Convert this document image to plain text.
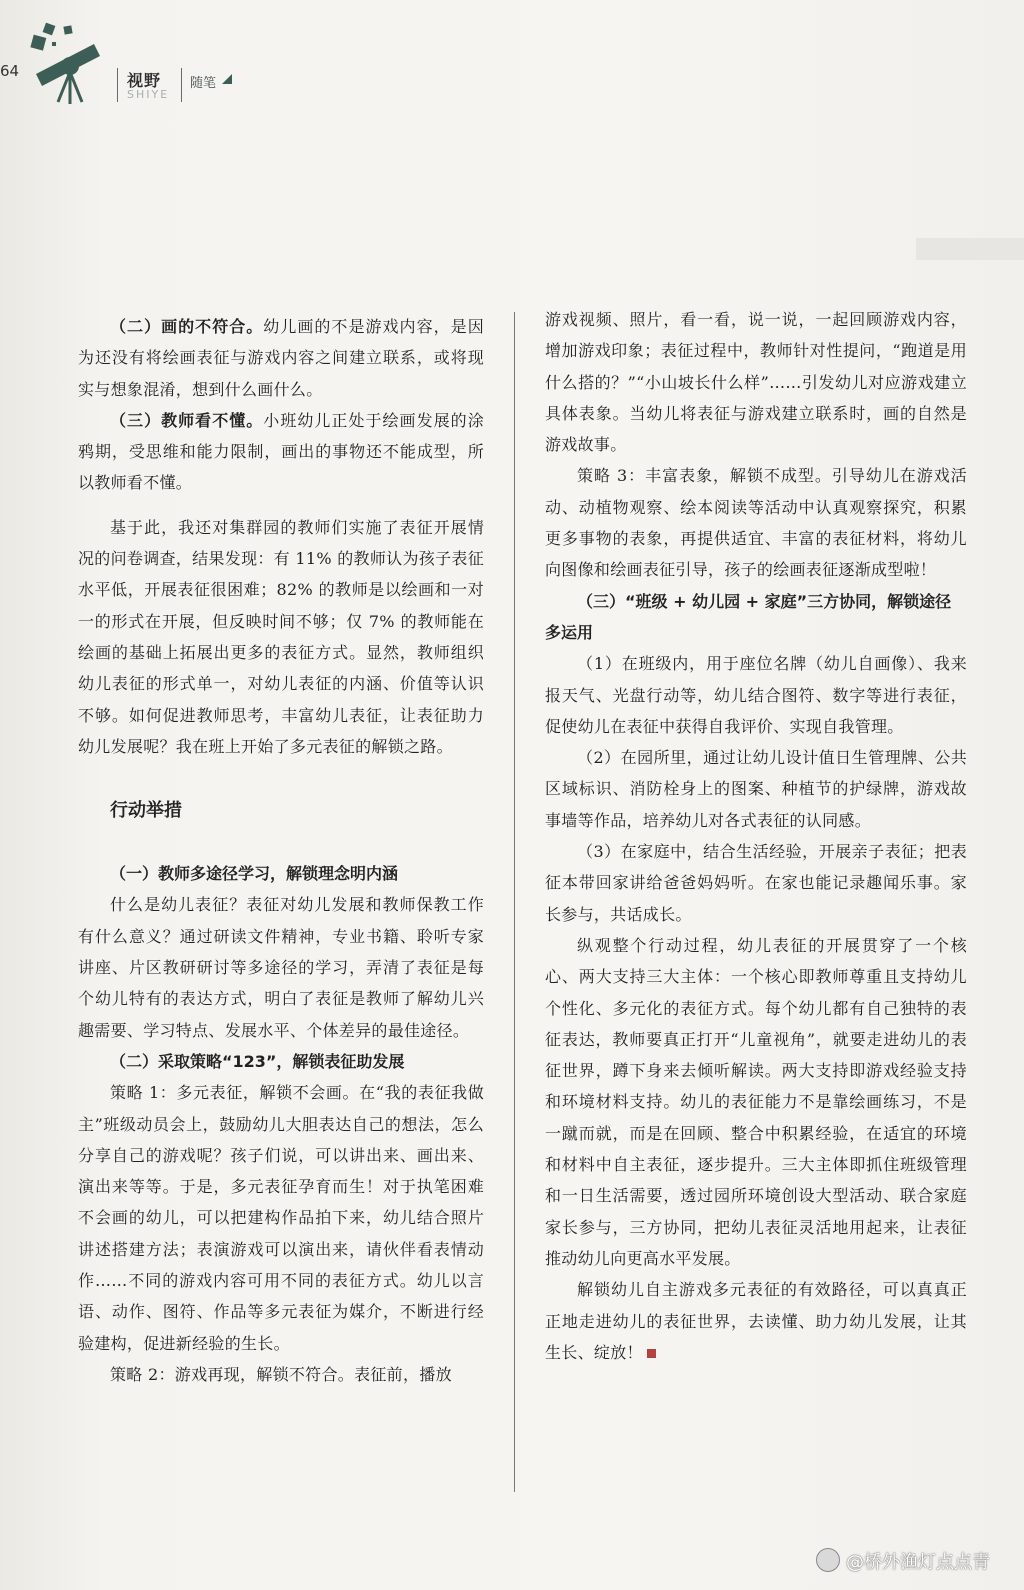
64	视野
SHIYE
随笔

（二）画的不符合。幼儿画的不是游戏内容，是因为还没有将绘画表征与游戏内容之间建立联系，或将现实与想象混淆，想到什么画什么。

（三）教师看不懂。小班幼儿正处于绘画发展的涂鸦期，受思维和能力限制，画出的事物还不能成型，所以教师看不懂。

基于此，我还对集群园的教师们实施了表征开展情况的问卷调查，结果发现：有 11% 的教师认为孩子表征水平低，开展表征很困难；82% 的教师是以绘画和一对一的形式在开展，但反映时间不够；仅 7% 的教师能在绘画的基础上拓展出更多的表征方式。显然，教师组织幼儿表征的形式单一，对幼儿表征的内涵、价值等认识不够。如何促进教师思考，丰富幼儿表征，让表征助力幼儿发展呢？我在班上开始了多元表征的解锁之路。

行动举措
（一）教师多途径学习，解锁理念明内涵

什么是幼儿表征？表征对幼儿发展和教师保教工作有什么意义？通过研读文件精神，专业书籍、聆听专家讲座、片区教研研讨等多途径的学习，弄清了表征是每个幼儿特有的表达方式，明白了表征是教师了解幼儿兴趣需要、学习特点、发展水平、个体差异的最佳途径。

（二）采取策略“123”，解锁表征助发展

策略 1：多元表征，解锁不会画。在“我的表征我做主”班级动员会上，鼓励幼儿大胆表达自己的想法，怎么分享自己的游戏呢？孩子们说，可以讲出来、画出来、演出来等等。于是，多元表征孕育而生！对于执笔困难不会画的幼儿，可以把建构作品拍下来，幼儿结合照片讲述搭建方法；表演游戏可以演出来，请伙伴看表情动作……不同的游戏内容可用不同的表征方式。幼儿以言语、动作、图符、作品等多元表征为媒介，不断进行经验建构，促进新经验的生长。

策略 2：游戏再现，解锁不符合。表征前，播放

游戏视频、照片，看一看，说一说，一起回顾游戏内容，增加游戏印象；表征过程中，教师针对性提问，“跑道是用什么搭的？”“小山坡长什么样”……引发幼儿对应游戏建立具体表象。当幼儿将表征与游戏建立联系时，画的自然是游戏故事。

策略 3：丰富表象，解锁不成型。引导幼儿在游戏活动、动植物观察、绘本阅读等活动中认真观察探究，积累更多事物的表象，再提供适宜、丰富的表征材料，将幼儿向图像和绘画表征引导，孩子的绘画表征逐渐成型啦！

（三）“班级 + 幼儿园 + 家庭”三方协同，解锁途径多运用

（1）在班级内，用于座位名牌（幼儿自画像）、我来报天气、光盘行动等，幼儿结合图符、数字等进行表征，促使幼儿在表征中获得自我评价、实现自我管理。

（2）在园所里，通过让幼儿设计值日生管理牌、公共区域标识、消防栓身上的图案、种植节的护绿牌，游戏故事墙等作品，培养幼儿对各式表征的认同感。

（3）在家庭中，结合生活经验，开展亲子表征；把表征本带回家讲给爸爸妈妈听。在家也能记录趣闻乐事。家长参与，共话成长。

纵观整个行动过程，幼儿表征的开展贯穿了一个核心、两大支持三大主体：一个核心即教师尊重且支持幼儿个性化、多元化的表征方式。每个幼儿都有自己独特的表征表达，教师要真正打开“儿童视角”，就要走进幼儿的表征世界，蹲下身来去倾听解读。两大支持即游戏经验支持和环境材料支持。幼儿的表征能力不是靠绘画练习，不是一蹴而就，而是在回顾、整合中积累经验，在适宜的环境和材料中自主表征，逐步提升。三大主体即抓住班级管理和一日生活需要，透过园所环境创设大型活动、联合家庭家长参与，三方协同，把幼儿表征灵活地用起来，让表征推动幼儿向更高水平发展。

解锁幼儿自主游戏多元表征的有效路径，可以真真正正地走进幼儿的表征世界，去读懂、助力幼儿发展，让其生长、绽放！

@桥外渔灯点点青
